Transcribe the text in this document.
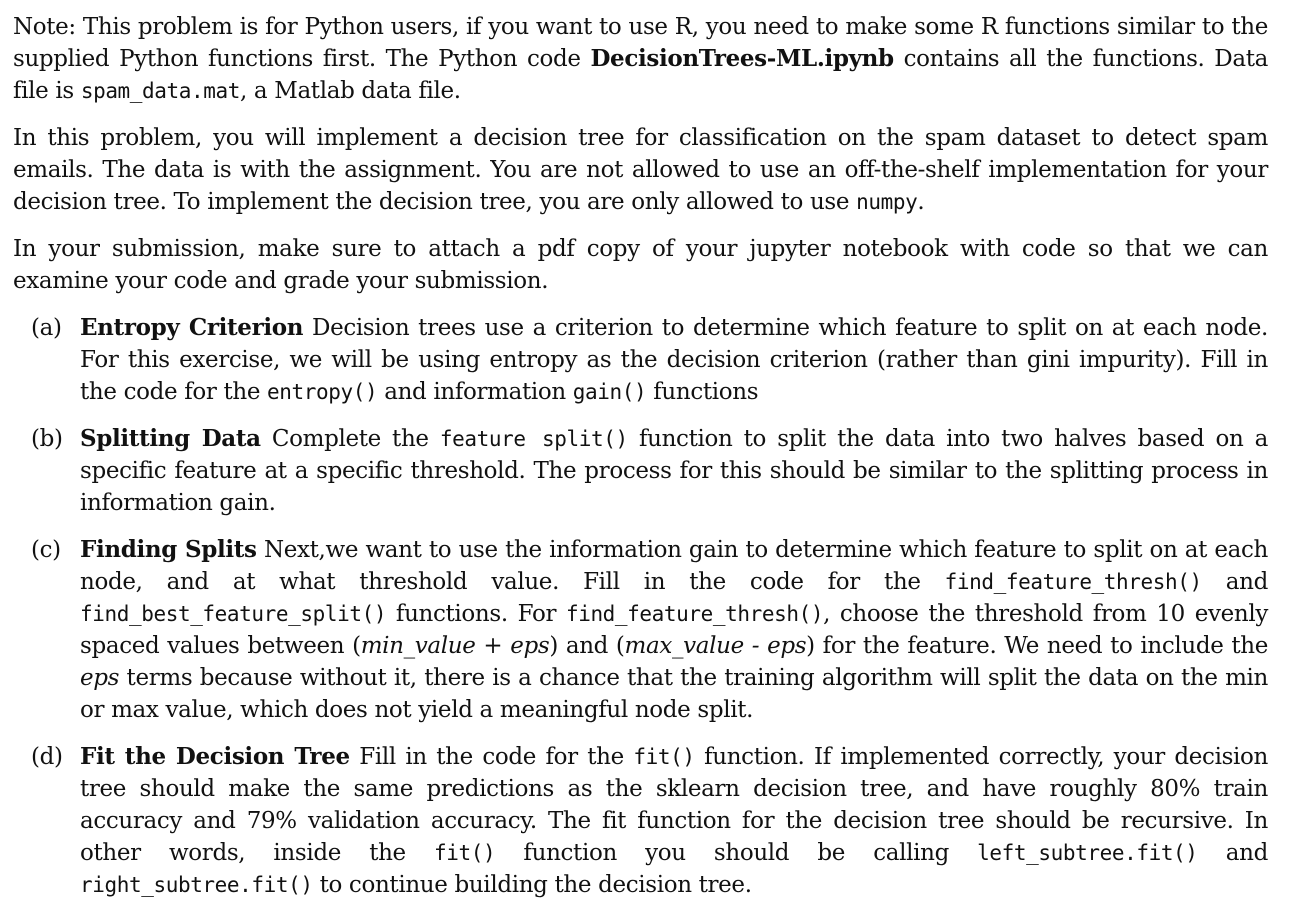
Note: This problem is for Python users, if you want to use R, you need to make some R functions similar to the supplied Python functions first. The Python code DecisionTrees-ML.ipynb contains all the functions. Data file is spam_data.mat, a Matlab data file.

In this problem, you will implement a decision tree for classification on the spam dataset to detect spam emails. The data is with the assignment. You are not allowed to use an off-the-shelf implementation for your decision tree. To implement the decision tree, you are only allowed to use numpy.

In your submission, make sure to attach a pdf copy of your jupyter notebook with code so that we can examine your code and grade your submission.

(a) Entropy Criterion Decision trees use a criterion to determine which feature to split on at each node. For this exercise, we will be using entropy as the decision criterion (rather than gini impurity). Fill in the code for the entropy() and information gain() functions
(b) Splitting Data Complete the feature split() function to split the data into two halves based on a specific feature at a specific threshold. The process for this should be similar to the splitting process in information gain.
(c) Finding Splits Next,we want to use the information gain to determine which feature to split on at each node, and at what threshold value. Fill in the code for the find_feature_thresh() and find_best_feature_split() functions. For find_feature_thresh(), choose the threshold from 10 evenly spaced values between (min_value + eps) and (max_value - eps) for the feature. We need to include the eps terms because without it, there is a chance that the training algorithm will split the data on the min or max value, which does not yield a meaningful node split.
(d) Fit the Decision Tree Fill in the code for the fit() function. If implemented correctly, your decision tree should make the same predictions as the sklearn decision tree, and have roughly 80% train accuracy and 79% validation accuracy. The fit function for the decision tree should be recursive. In other words, inside the fit() function you should be calling left_subtree.fit() and right_subtree.fit() to continue building the decision tree.
